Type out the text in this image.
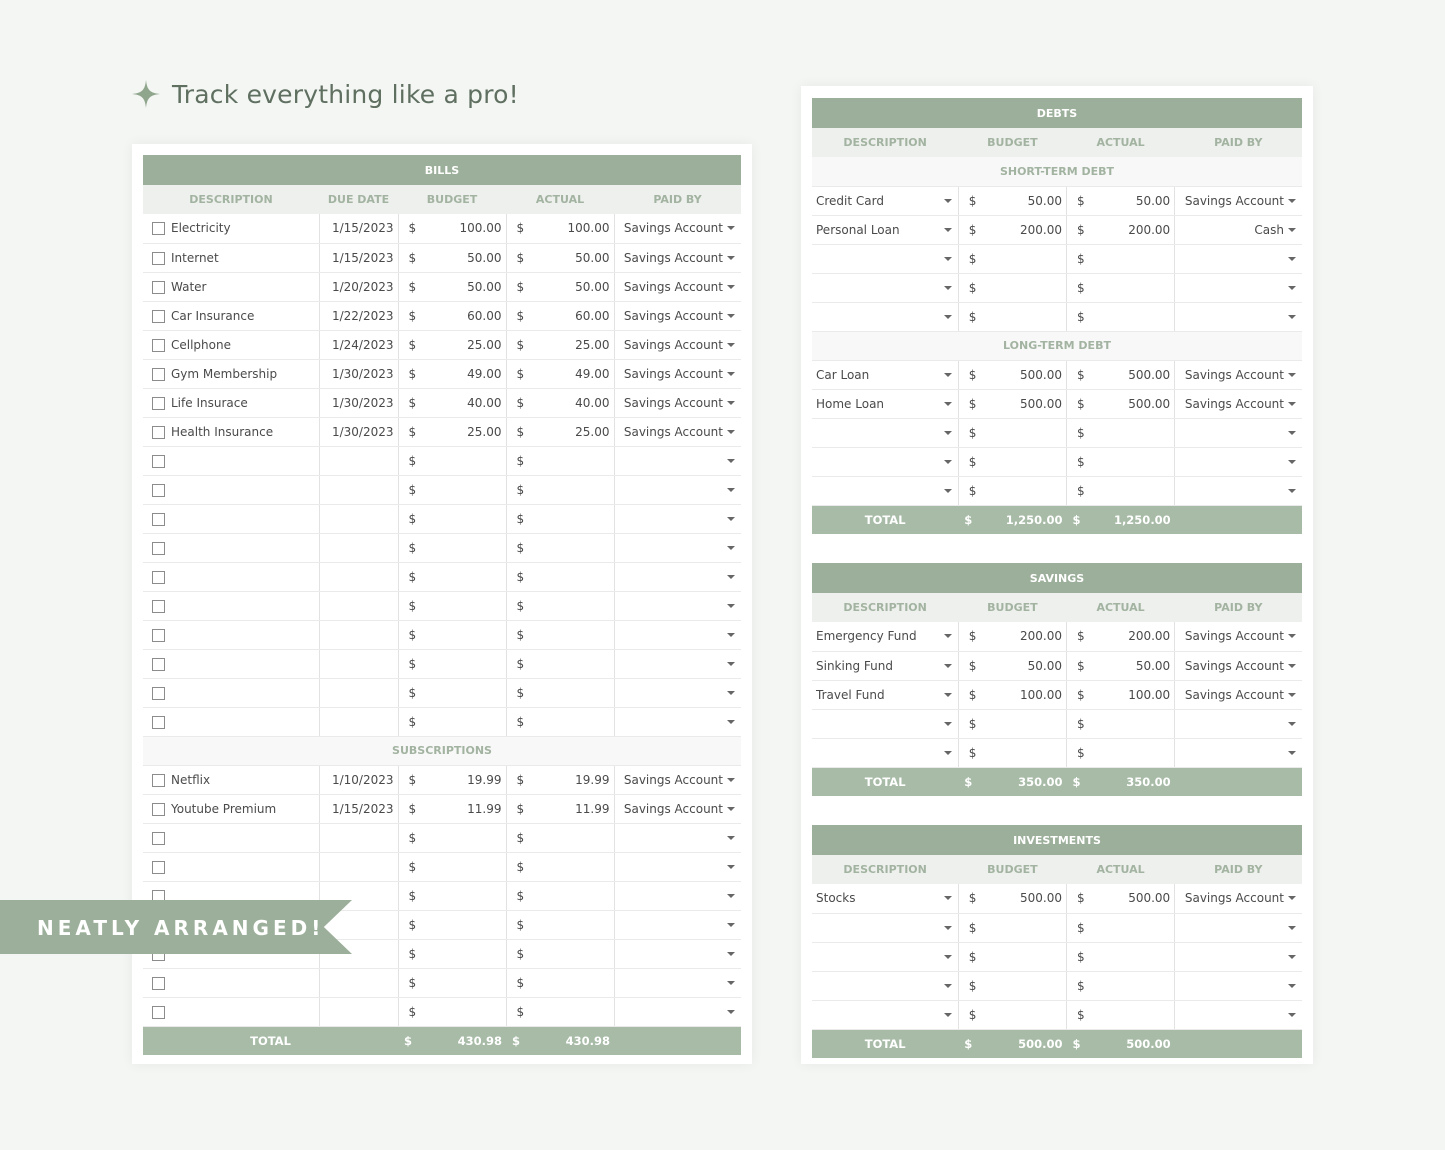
Track everything like a pro!
BILLS				
DESCRIPTION	DUE DATE	BUDGET	ACTUAL	PAID BY
Electricity	1/15/2023	$ 100.00	$ 100.00	Savings Account

Internet	1/15/2023	$ 50.00	$ 50.00	Savings Account

Water	1/20/2023	$ 50.00	$ 50.00	Savings Account

Car Insurance	1/22/2023	$ 60.00	$ 60.00	Savings Account

Cellphone	1/24/2023	$ 25.00	$ 25.00	Savings Account

Gym Membership	1/30/2023	$ 49.00	$ 49.00	Savings Account

Life Insurace	1/30/2023	$ 40.00	$ 40.00	Savings Account

Health Insurance	1/30/2023	$ 25.00	$ 25.00	Savings Account

		$	$	

		$	$	

		$	$	

		$	$	

		$	$	

		$	$	

		$	$	

		$	$	

		$	$	

		$	$	

SUBSCRIPTIONS				
Netflix	1/10/2023	$ 19.99	$ 19.99	Savings Account

Youtube Premium	1/15/2023	$ 11.99	$ 11.99	Savings Account

		$	$	

		$	$	

		$	$	

		$	$	

		$	$	

		$	$	

		$	$	

TOTAL		$ 430.98	$ 430.98	

DEBTS			
DESCRIPTION	BUDGET	ACTUAL	PAID BY
SHORT-TERM DEBT			
Credit Card	$ 50.00	$ 50.00	Savings Account

Personal Loan	$ 200.00	$ 200.00	Cash

	$	$	

	$	$	

	$	$	

LONG-TERM DEBT			
Car Loan	$ 500.00	$ 500.00	Savings Account

Home Loan	$ 500.00	$ 500.00	Savings Account

	$	$	

	$	$	

	$	$	

TOTAL	$ 1,250.00	$ 1,250.00	

SAVINGS			
DESCRIPTION	BUDGET	ACTUAL	PAID BY
Emergency Fund	$ 200.00	$ 200.00	Savings Account

Sinking Fund	$ 50.00	$ 50.00	Savings Account

Travel Fund	$ 100.00	$ 100.00	Savings Account

	$	$	

	$	$	

TOTAL	$ 350.00	$ 350.00	

INVESTMENTS			
DESCRIPTION	BUDGET	ACTUAL	PAID BY
Stocks	$ 500.00	$ 500.00	Savings Account

	$	$	

	$	$	

	$	$	

	$	$	

TOTAL	$ 500.00	$ 500.00	

NEATLY ARRANGED!
